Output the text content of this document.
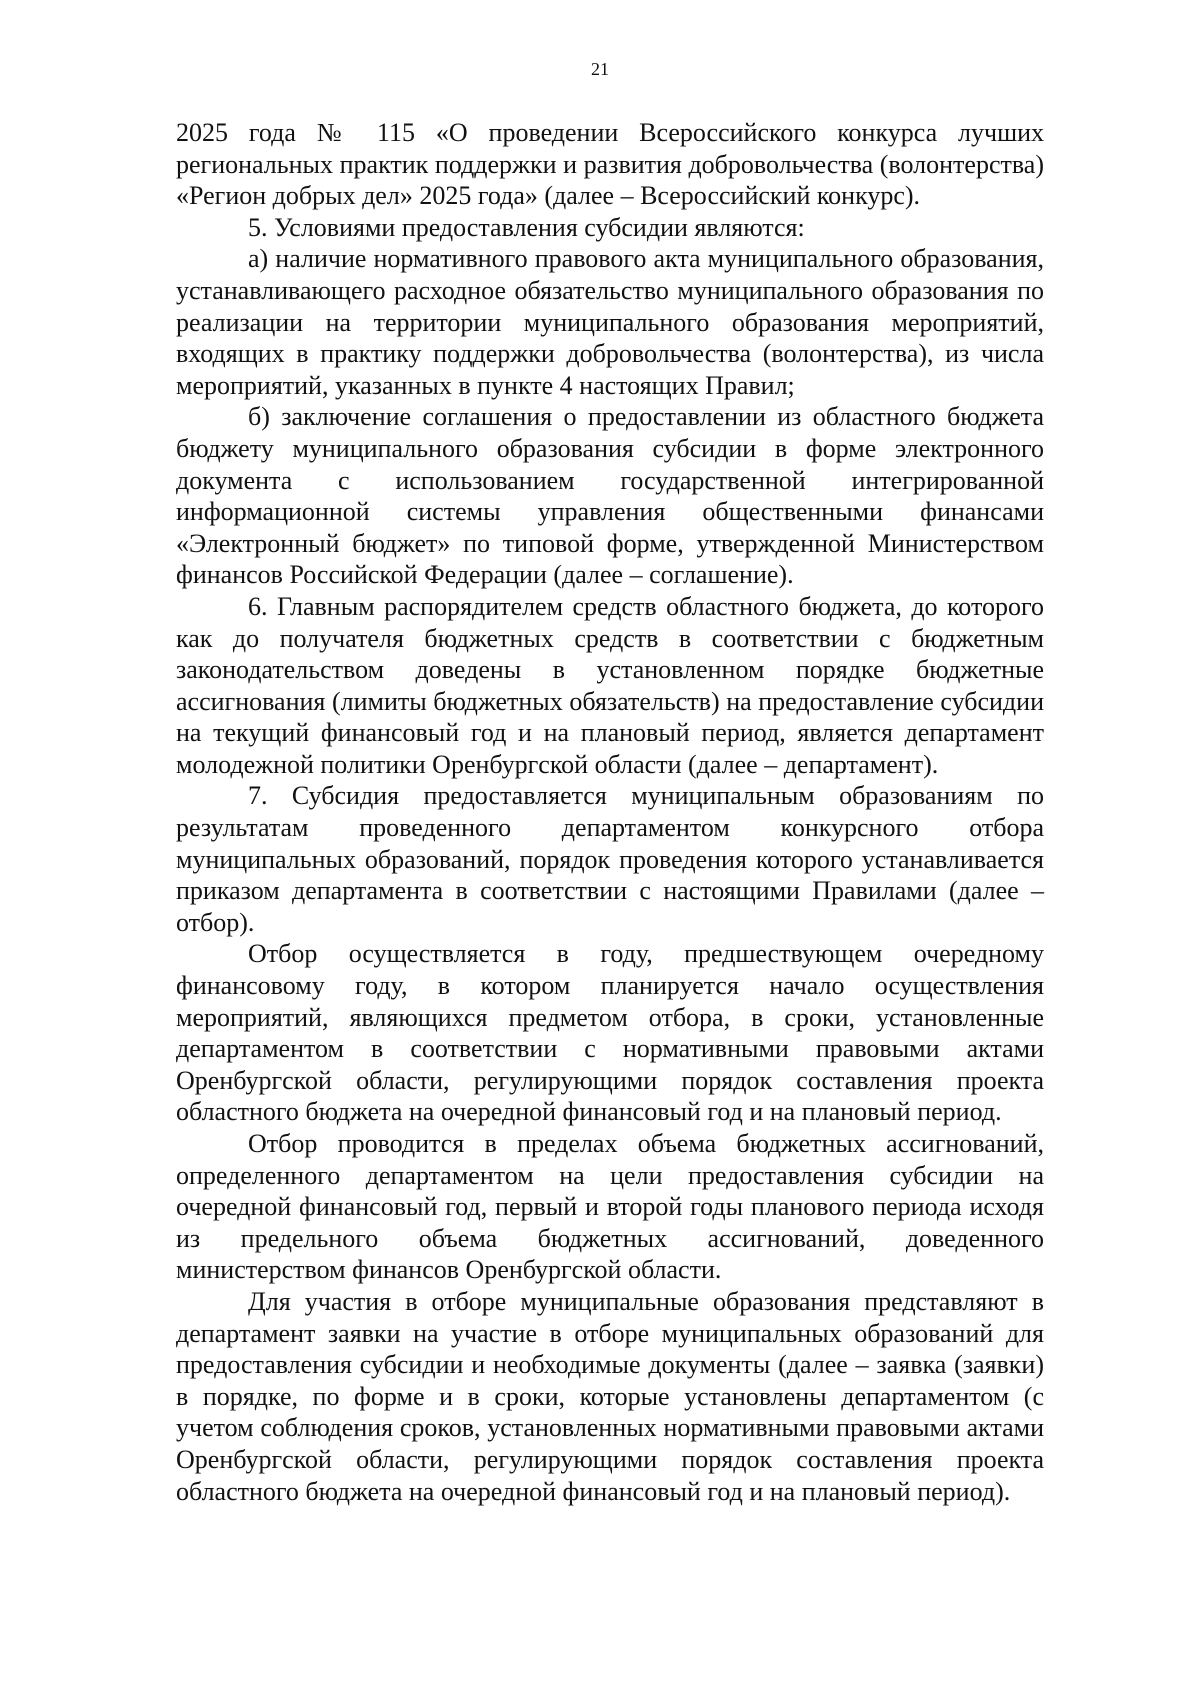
21

2025 года № 115 «О проведении Всероссийского конкурса лучших региональных практик поддержки и развития добровольчества (волонтерства) «Регион добрых дел» 2025 года» (далее – Всероссийский конкурс).

5. Условиями предоставления субсидии являются:

а) наличие нормативного правового акта муниципального образования, устанавливающего расходное обязательство муниципального образования по реализации на территории муниципального образования мероприятий, входящих в практику поддержки добровольчества (волонтерства), из числа мероприятий, указанных в пункте 4 настоящих Правил;

б) заключение соглашения о предоставлении из областного бюджета бюджету муниципального образования субсидии в форме электронного документа с использованием государственной интегрированной информационной системы управления общественными финансами «Электронный бюджет» по типовой форме, утвержденной Министерством финансов Российской Федерации (далее – соглашение).

6. Главным распорядителем средств областного бюджета, до которого как до получателя бюджетных средств в соответствии с бюджетным законодательством доведены в установленном порядке бюджетные ассигнования (лимиты бюджетных обязательств) на предоставление субсидии на текущий финансовый год и на плановый период, является департамент молодежной политики Оренбургской области (далее – департамент).

7. Субсидия предоставляется муниципальным образованиям по результатам проведенного департаментом конкурсного отбора муниципальных образований, порядок проведения которого устанавливается приказом департамента в соответствии с настоящими Правилами (далее – отбор).

Отбор осуществляется в году, предшествующем очередному финансовому году, в котором планируется начало осуществления мероприятий, являющихся предметом отбора, в сроки, установленные департаментом в соответствии с нормативными правовыми актами Оренбургской области, регулирующими порядок составления проекта областного бюджета на очередной финансовый год и на плановый период.

Отбор проводится в пределах объема бюджетных ассигнований, определенного департаментом на цели предоставления субсидии на очередной финансовый год, первый и второй годы планового периода исходя из предельного объема бюджетных ассигнований, доведенного министерством финансов Оренбургской области.

Для участия в отборе муниципальные образования представляют в департамент заявки на участие в отборе муниципальных образований для предоставления субсидии и необходимые документы (далее – заявка (заявки) в порядке, по форме и в сроки, которые установлены департаментом (с учетом соблюдения сроков, установленных нормативными правовыми актами Оренбургской области, регулирующими порядок составления проекта областного бюджета на очередной финансовый год и на плановый период).
